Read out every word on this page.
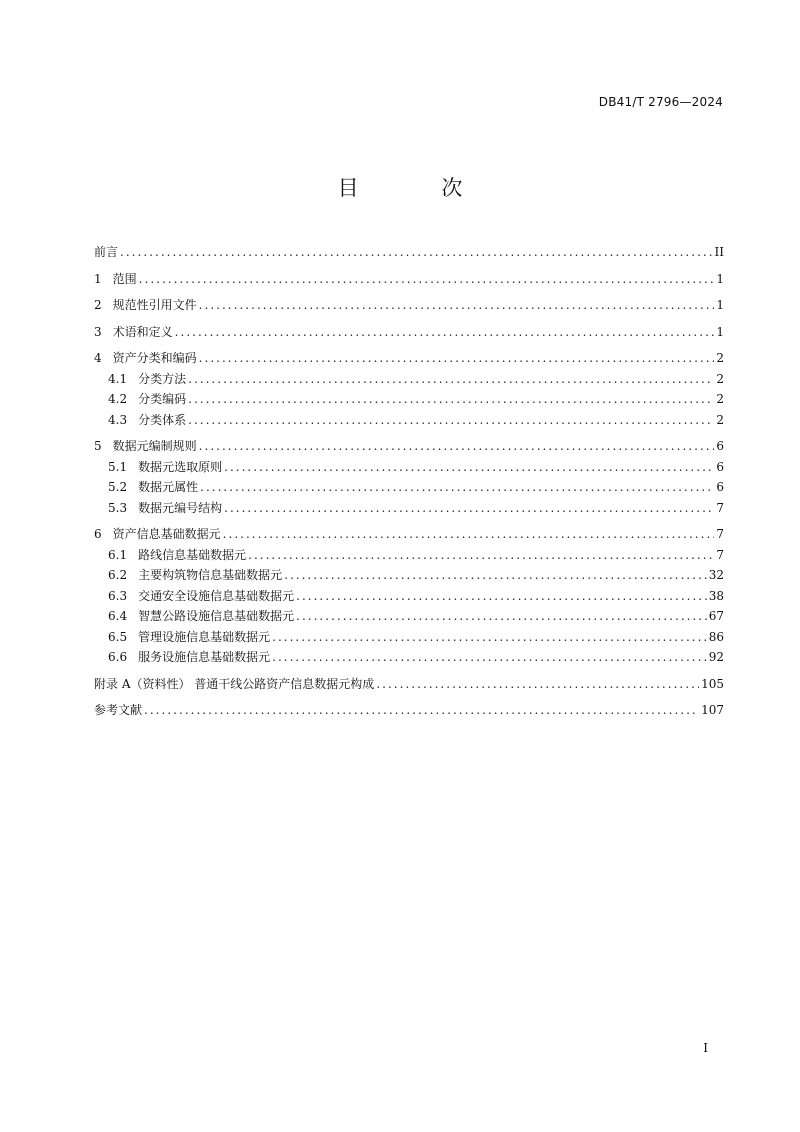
DB41/T 2796—2024
目 次
前言 . . .	II
1 范围 . . .	1
2 规范性引用文件 . . .	1
3 术语和定义 . . .	1
4 资产分类和编码 . . .	2
4.1 分类方法 . . .	2
4.2 分类编码 . . .	2
4.3 分类体系 . . .	2
5 数据元编制规则 . . .	6
5.1 数据元选取原则 . . .	6
5.2 数据元属性 . . .	6
5.3 数据元编号结构 . . .	7
6 资产信息基础数据元 . . .	7
6.1 路线信息基础数据元 . . .	7
6.2 主要构筑物信息基础数据元 . . .	32
6.3 交通安全设施信息基础数据元 . . .	38
6.4 智慧公路设施信息基础数据元 . . .	67
6.5 管理设施信息基础数据元 . . .	86
6.6 服务设施信息基础数据元 . . .	92
附录 A（资料性） 普通干线公路资产信息数据元构成 . . .	105
参考文献 . . .	107
I
